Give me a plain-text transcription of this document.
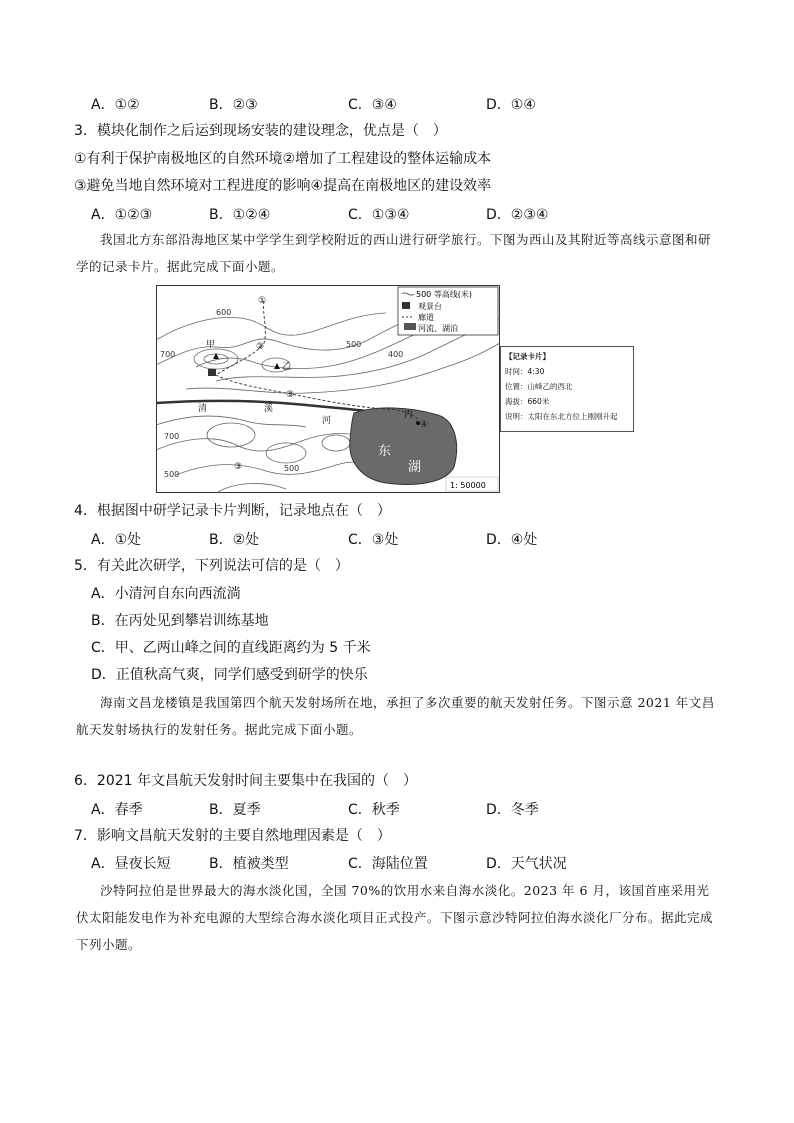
A．①②	B．②③	C．③④	D．①④
3．模块化制作之后运到现场安装的建设理念，优点是（　）
①有利于保护南极地区的自然环境②增加了工程建设的整体运输成本
③避免当地自然环境对工程进度的影响④提高在南极地区的建设效率
A．①②③	B．①②④	C．①③④	D．②③④
我国北方东部沿海地区某中学学生到学校附近的西山进行研学旅行。下图为西山及其附近等高线示意图和研学的记录卡片。据此完成下面小题。
500 等高线(米)
观景台
廊道
河流、湖泊
600
700
500
400
700
500
500
甲
乙
①
②
③
④
③
清	溪
河
丙
东
湖
1: 50000
【记录卡片】
时间：4:30
位置：山峰乙的西北
海拔：660米
说明：太阳在东北方位上刚刚升起
4．根据图中研学记录卡片判断，记录地点在（　）
A．①处	B．②处	C．③处	D．④处
5．有关此次研学，下列说法可信的是（　）
A．小清河自东向西流淌
B．在丙处见到攀岩训练基地
C．甲、乙两山峰之间的直线距离约为 5 千米
D．正值秋高气爽，同学们感受到研学的快乐
海南文昌龙楼镇是我国第四个航天发射场所在地，承担了多次重要的航天发射任务。下图示意 2021 年文昌航天发射场执行的发射任务。据此完成下面小题。
6．2021 年文昌航天发射时间主要集中在我国的（　）
A．春季	B．夏季	C．秋季	D．冬季
7．影响文昌航天发射的主要自然地理因素是（　）
A．昼夜长短	B．植被类型	C．海陆位置	D．天气状况
沙特阿拉伯是世界最大的海水淡化国，全国 70%的饮用水来自海水淡化。2023 年 6 月，该国首座采用光伏太阳能发电作为补充电源的大型综合海水淡化项目正式投产。下图示意沙特阿拉伯海水淡化厂分布。据此完成下列小题。
